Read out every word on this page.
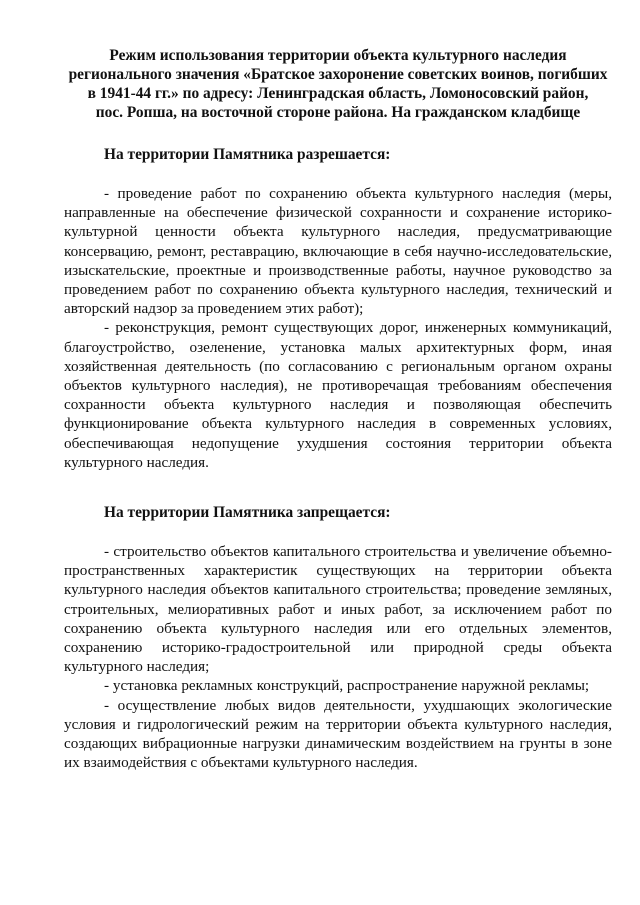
Режим использования территории объекта культурного наследия
регионального значения «Братское захоронение советских воинов, погибших
в 1941-44 гг.» по адресу: Ленинградская область, Ломоносовский район,
пос. Ропша, на восточной стороне района. На гражданском кладбище
На территории Памятника разрешается:

- проведение работ по сохранению объекта культурного наследия (меры, направленные на обеспечение физической сохранности и сохранение историко-культурной ценности объекта культурного наследия, предусматривающие консервацию, ремонт, реставрацию, включающие в себя научно-исследовательские, изыскательские, проектные и производственные работы, научное руководство за проведением работ по сохранению объекта культурного наследия, технический и авторский надзор за проведением этих работ);

- реконструкция, ремонт существующих дорог, инженерных коммуникаций, благоустройство, озеленение, установка малых архитектурных форм, иная хозяйственная деятельность (по согласованию с региональным органом охраны объектов культурного наследия), не противоречащая требованиям обеспечения сохранности объекта культурного наследия и позволяющая обеспечить функционирование объекта культурного наследия в современных условиях, обеспечивающая недопущение ухудшения состояния территории объекта культурного наследия.

На территории Памятника запрещается:

- строительство объектов капитального строительства и увеличение объемно-пространственных характеристик существующих на территории объекта культурного наследия объектов капитального строительства; проведение земляных, строительных, мелиоративных работ и иных работ, за исключением работ по сохранению объекта культурного наследия или его отдельных элементов, сохранению историко-градостроительной или природной среды объекта культурного наследия;

- установка рекламных конструкций, распространение наружной рекламы;

- осуществление любых видов деятельности, ухудшающих экологические условия и гидрологический режим на территории объекта культурного наследия, создающих вибрационные нагрузки динамическим воздействием на грунты в зоне их взаимодействия с объектами культурного наследия.
